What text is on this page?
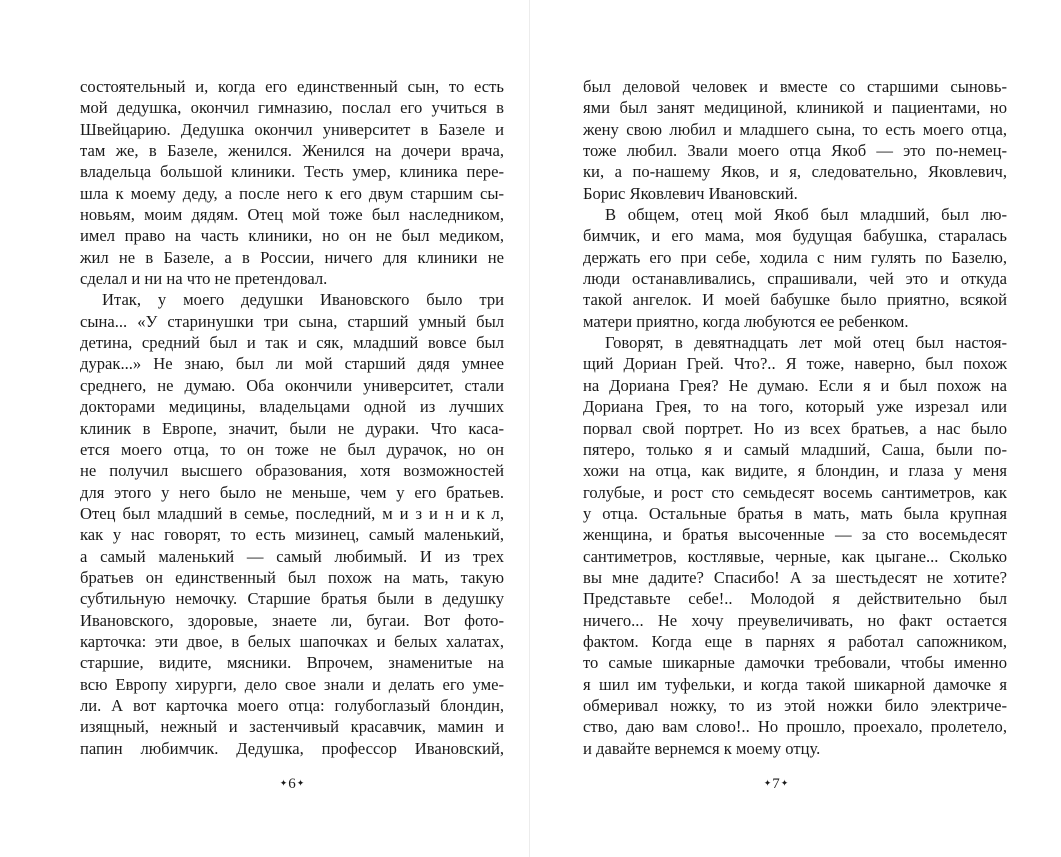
состоятельный и, когда его единственный сын, то есть
мой дедушка, окончил гимназию, послал его учиться в
Швейцарию. Дедушка окончил университет в Базеле и
там же, в Базеле, женился. Женился на дочери врача,
владельца большой клиники. Тесть умер, клиника пере-
шла к моему деду, а после него к его двум старшим сы-
новьям, моим дядям. Отец мой тоже был наследником,
имел право на часть клиники, но он не был медиком,
жил не в Базеле, а в России, ничего для клиники не
сделал и ни на что не претендовал.
Итак, у моего дедушки Ивановского было три
сына... «У старинушки три сына, старший умный был
детина, средний был и так и сяк, младший вовсе был
дурак...» Не знаю, был ли мой старший дядя умнее
среднего, не думаю. Оба окончили университет, стали
докторами медицины, владельцами одной из лучших
клиник в Европе, значит, были не дураки. Что каса-
ется моего отца, то он тоже не был дурачок, но он
не получил высшего образования, хотя возможностей
для этого у него было не меньше, чем у его братьев.
Отец был младший в семье, последний, м и з и н и к л,
как у нас говорят, то есть мизинец, самый маленький,
а самый маленький — самый любимый. И из трех
братьев он единственный был похож на мать, такую
субтильную немочку. Старшие братья были в дедушку
Ивановского, здоровые, знаете ли, бугаи. Вот фото-
карточка: эти двое, в белых шапочках и белых халатах,
старшие, видите, мясники. Впрочем, знаменитые на
всю Европу хирурги, дело свое знали и делать его уме-
ли. А вот карточка моего отца: голубоглазый блондин,
изящный, нежный и застенчивый красавчик, мамин и
папин любимчик. Дедушка, профессор Ивановский,
был деловой человек и вместе со старшими сыновь-
ями был занят медициной, клиникой и пациентами, но
жену свою любил и младшего сына, то есть моего отца,
тоже любил. Звали моего отца Якоб — это по-немец-
ки, а по-нашему Яков, и я, следовательно, Яковлевич,
Борис Яковлевич Ивановский.
В общем, отец мой Якоб был младший, был лю-
бимчик, и его мама, моя будущая бабушка, старалась
держать его при себе, ходила с ним гулять по Базелю,
люди останавливались, спрашивали, чей это и откуда
такой ангелок. И моей бабушке было приятно, всякой
матери приятно, когда любуются ее ребенком.
Говорят, в девятнадцать лет мой отец был настоя-
щий Дориан Грей. Что?.. Я тоже, наверно, был похож
на Дориана Грея? Не думаю. Если я и был похож на
Дориана Грея, то на того, который уже изрезал или
порвал свой портрет. Но из всех братьев, а нас было
пятеро, только я и самый младший, Саша, были по-
хожи на отца, как видите, я блондин, и глаза у меня
голубые, и рост сто семьдесят восемь сантиметров, как
у отца. Остальные братья в мать, мать была крупная
женщина, и братья высоченные — за сто восемьдесят
сантиметров, костлявые, черные, как цыгане... Сколько
вы мне дадите? Спасибо! А за шестьдесят не хотите?
Представьте себе!.. Молодой я действительно был
ничего... Не хочу преувеличивать, но факт остается
фактом. Когда еще в парнях я работал сапожником,
то самые шикарные дамочки требовали, чтобы именно
я шил им туфельки, и когда такой шикарной дамочке я
обмеривал ножку, то из этой ножки било электриче-
ство, даю вам слово!.. Но прошло, проехало, пролетело,
и давайте вернемся к моему отцу.
✦6✦	✦7✦
